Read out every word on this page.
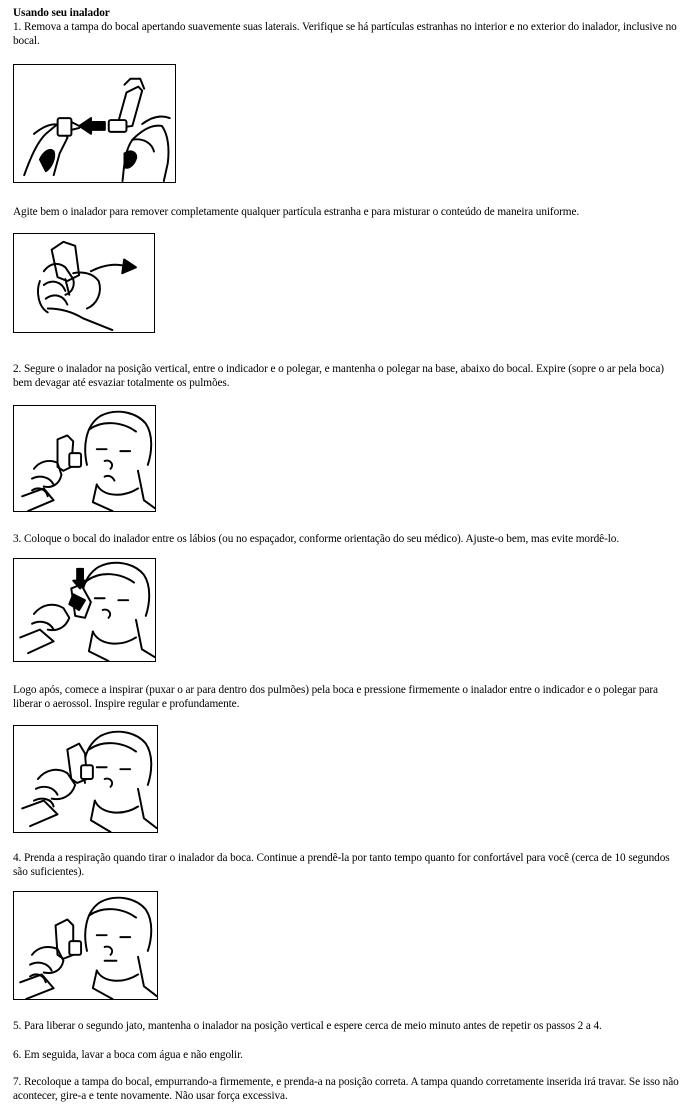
Usando seu inalador
1. Remova a tampa do bocal apertando suavemente suas laterais. Verifique se há partículas estranhas no interior e no exterior do inalador, inclusive no bocal.
Agite bem o inalador para remover completamente qualquer partícula estranha e para misturar o conteúdo de maneira uniforme.
2. Segure o inalador na posição vertical, entre o indicador e o polegar, e mantenha o polegar na base, abaixo do bocal. Expire (sopre o ar pela boca) bem devagar até esvaziar totalmente os pulmões.
3. Coloque o bocal do inalador entre os lábios (ou no espaçador, conforme orientação do seu médico). Ajuste-o bem, mas evite mordê-lo.
Logo após, comece a inspirar (puxar o ar para dentro dos pulmões) pela boca e pressione firmemente o inalador entre o indicador e o polegar para liberar o aerossol. Inspire regular e profundamente.
4. Prenda a respiração quando tirar o inalador da boca. Continue a prendê-la por tanto tempo quanto for confortável para você (cerca de 10 segundos são suficientes).
5. Para liberar o segundo jato, mantenha o inalador na posição vertical e espere cerca de meio minuto antes de repetir os passos 2 a 4.
6. Em seguida, lavar a boca com água e não engolir.
7. Recoloque a tampa do bocal, empurrando-a firmemente, e prenda-a na posição correta. A tampa quando corretamente inserida irá travar. Se isso não acontecer, gire-a e tente novamente. Não usar força excessiva.
